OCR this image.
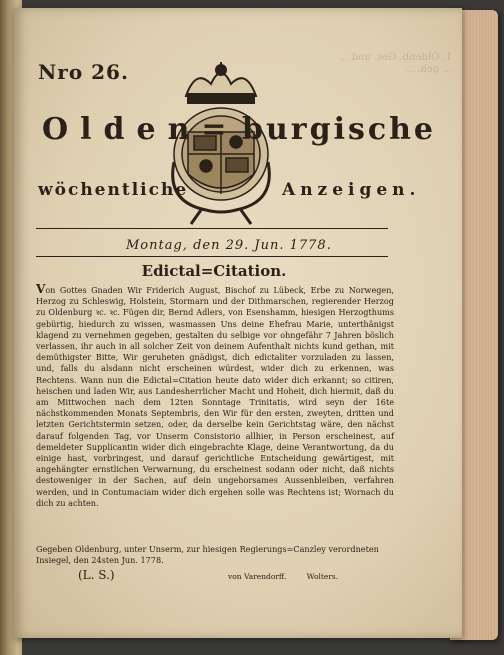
1. Oldenb. Ges. und ...
... geh. ...
Nro 26.
Olden= burgische
wöchentliche	Anzeigen.
Montag, den 29. Jun. 1778.
Edictal=Citation.

Von Gottes Gnaden Wir Friderich August, Bischof zu Lübeck, Erbe zu Norwegen, Herzog zu Schleswig, Holstein, Stormarn und der Dithmarschen, regierender Herzog zu Oldenburg ꝛc. ꝛc. Fügen dir, Bernd Adlers, von Esenshamm, hiesigen Herzogthums gebürtig, hiedurch zu wissen, wasmassen Uns deine Ehefrau Marie, unterthänigst klagend zu vernehmen gegeben, gestalten du selbige vor ohngefähr 7 Jahren böslich verlassen, ihr auch in all solcher Zeit von deinem Aufenthalt nichts kund gethan, mit demüthigster Bitte, Wir geruheten gnädigst, dich edictaliter vorzuladen zu lassen, und, falls du alsdann nicht erscheinen würdest, wider dich zu erkennen, was Rechtens. Wann nun die Edictal=Citation heute dato wider dich erkannt; so citiren, heischen und laden Wir, aus Landesherrlicher Macht und Hoheit, dich hiermit, daß du am Mittwochen nach dem 12ten Sonntage Trinitatis, wird seyn der 16te nächstkommenden Monats Septembris, den Wir für den ersten, zweyten, dritten und letzten Gerichtstermin setzen, oder, da derselbe kein Gerichtstag wäre, den nächst darauf folgenden Tag, vor Unserm Consistorio allhier, in Person erscheinest, auf demeldeter Supplicantin wider dich eingebrachte Klage, deine Verantwortung, da du einige hast, vorbringest, und darauf gerichtliche Entscheidung gewärtigest, mit angehängter ernstlichen Verwarnung, du erscheinest sodann oder nicht, daß nichts destoweniger in der Sachen, auf dein ungehorsames Aussenbleiben, verfahren werden, und in Contumaciam wider dich ergehen solle was Rechtens ist; Wornach du dich zu achten.

Gegeben Oldenburg, unter Unserm, zur hiesigen Regierungs=Canzley verordneten Insiegel, den 24sten Jun. 1778.
(L. S.)	von Varendorff.	Wolters.
